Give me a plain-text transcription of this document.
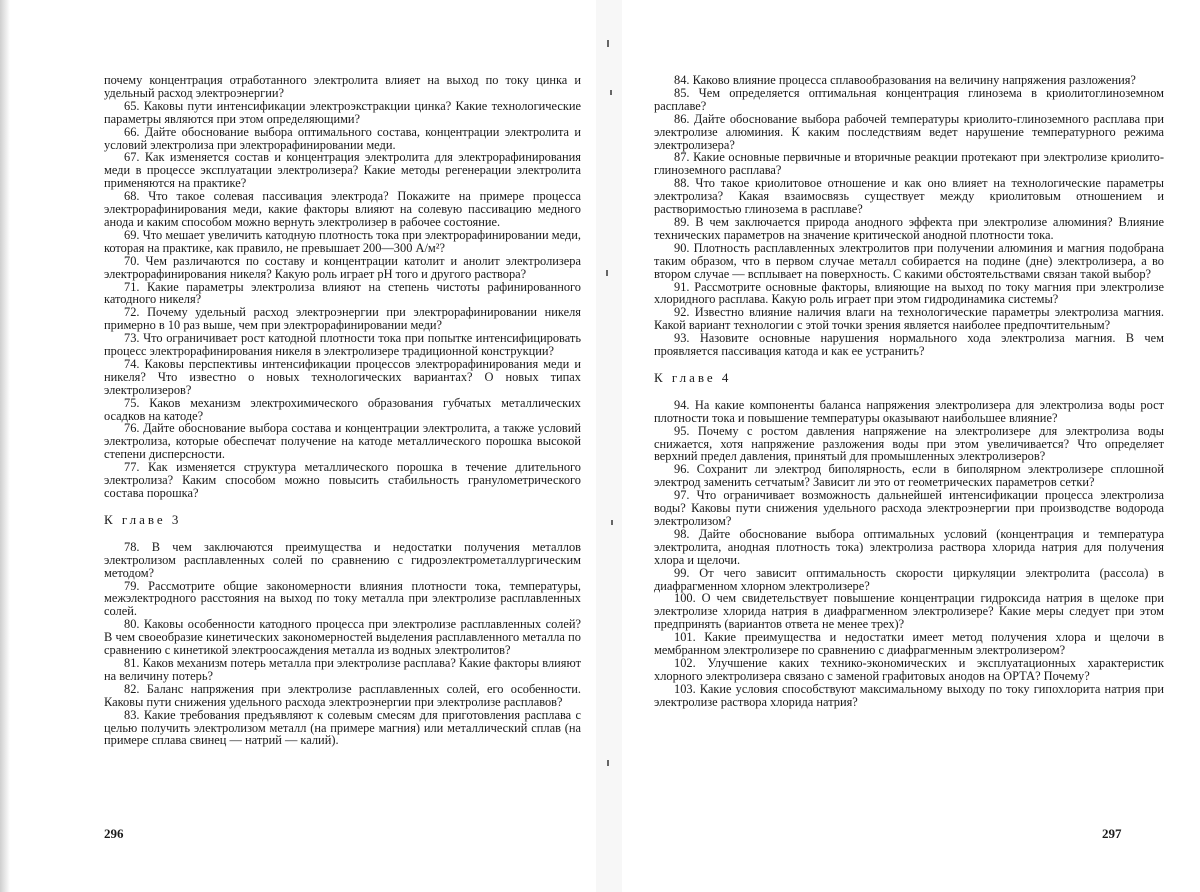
почему концентрация отработанного электролита влияет на выход по току цинка и удельный расход электроэнергии?

65. Каковы пути интенсификации электроэкстракции цинка? Какие технологические параметры являются при этом определяющими?

66. Дайте обоснование выбора оптимального состава, концентрации электролита и условий электролиза при электрорафинировании меди.

67. Как изменяется состав и концентрация электролита для электрорафинирования меди в процессе эксплуатации электролизера? Какие методы регенерации электролита применяются на практике?

68. Что такое солевая пассивация электрода? Покажите на примере процесса электрорафинирования меди, какие факторы влияют на солевую пассивацию медного анода и каким способом можно вернуть электролизер в рабочее состояние.

69. Что мешает увеличить катодную плотность тока при электрорафинировании меди, которая на практике, как правило, не превышает 200—300 А/м²?

70. Чем различаются по составу и концентрации католит и анолит электролизера электрорафинирования никеля? Какую роль играет pH того и другого раствора?

71. Какие параметры электролиза влияют на степень чистоты рафинированного катодного никеля?

72. Почему удельный расход электроэнергии при электрорафинировании никеля примерно в 10 раз выше, чем при электрорафинировании меди?

73. Что ограничивает рост катодной плотности тока при попытке интенсифицировать процесс электрорафинирования никеля в электролизере традиционной конструкции?

74. Каковы перспективы интенсификации процессов электрорафинирования меди и никеля? Что известно о новых технологических вариантах? О новых типах электролизеров?

75. Каков механизм электрохимического образования губчатых металлических осадков на катоде?

76. Дайте обоснование выбора состава и концентрации электролита, а также условий электролиза, которые обеспечат получение на катоде металлического порошка высокой степени дисперсности.

77. Как изменяется структура металлического порошка в течение длительного электролиза? Каким способом можно повысить стабильность гранулометрического состава порошка?

К главе 3

78. В чем заключаются преимущества и недостатки получения металлов электролизом расплавленных солей по сравнению с гидроэлектрометаллургическим методом?

79. Рассмотрите общие закономерности влияния плотности тока, температуры, межэлектродного расстояния на выход по току металла при электролизе расплавленных солей.

80. Каковы особенности катодного процесса при электролизе расплавленных солей? В чем своеобразие кинетических закономерностей выделения расплавленного металла по сравнению с кинетикой электроосаждения металла из водных электролитов?

81. Каков механизм потерь металла при электролизе расплава? Какие факторы влияют на величину потерь?

82. Баланс напряжения при электролизе расплавленных солей, его особенности. Каковы пути снижения удельного расхода электроэнергии при электролизе расплавов?

83. Какие требования предъявляют к солевым смесям для приготовления расплава с целью получить электролизом металл (на примере магния) или металлический сплав (на примере сплава свинец — натрий — калий).

296

84. Каково влияние процесса сплавообразования на величину напряжения разложения?

85. Чем определяется оптимальная концентрация глинозема в криолитоглиноземном расплаве?

86. Дайте обоснование выбора рабочей температуры криолито-глиноземного расплава при электролизе алюминия. К каким последствиям ведет нарушение температурного режима электролизера?

87. Какие основные первичные и вторичные реакции протекают при электролизе криолито-глиноземного расплава?

88. Что такое криолитовое отношение и как оно влияет на технологические параметры электролиза? Какая взаимосвязь существует между криолитовым отношением и растворимостью глинозема в расплаве?

89. В чем заключается природа анодного эффекта при электролизе алюминия? Влияние технических параметров на значение критической анодной плотности тока.

90. Плотность расплавленных электролитов при получении алюминия и магния подобрана таким образом, что в первом случае металл собирается на подине (дне) электролизера, а во втором случае — всплывает на поверхность. С какими обстоятельствами связан такой выбор?

91. Рассмотрите основные факторы, влияющие на выход по току магния при электролизе хлоридного расплава. Какую роль играет при этом гидродинамика системы?

92. Известно влияние наличия влаги на технологические параметры электролиза магния. Какой вариант технологии с этой точки зрения является наиболее предпочтительным?

93. Назовите основные нарушения нормального хода электролиза магния. В чем проявляется пассивация катода и как ее устранить?

К главе 4

94. На какие компоненты баланса напряжения электролизера для электролиза воды рост плотности тока и повышение температуры оказывают наибольшее влияние?

95. Почему с ростом давления напряжение на электролизере для электролиза воды снижается, хотя напряжение разложения воды при этом увеличивается? Что определяет верхний предел давления, принятый для промышленных электролизеров?

96. Сохранит ли электрод биполярность, если в биполярном электролизере сплошной электрод заменить сетчатым? Зависит ли это от геометрических параметров сетки?

97. Что ограничивает возможность дальнейшей интенсификации процесса электролиза воды? Каковы пути снижения удельного расхода электроэнергии при производстве водорода электролизом?

98. Дайте обоснование выбора оптимальных условий (концентрация и температура электролита, анодная плотность тока) электролиза раствора хлорида натрия для получения хлора и щелочи.

99. От чего зависит оптимальность скорости циркуляции электролита (рассола) в диафрагменном хлорном электролизере?

100. О чем свидетельствует повышение концентрации гидроксида натрия в щелоке при электролизе хлорида натрия в диафрагменном электролизере? Какие меры следует при этом предпринять (вариантов ответа не менее трех)?

101. Какие преимущества и недостатки имеет метод получения хлора и щелочи в мембранном электролизере по сравнению с диафрагменным электролизером?

102. Улучшение каких технико-экономических и эксплуатационных характеристик хлорного электролизера связано с заменой графитовых анодов на ОРТА? Почему?

103. Какие условия способствуют максимальному выходу по току гипохлорита натрия при электролизе раствора хлорида натрия?

297
